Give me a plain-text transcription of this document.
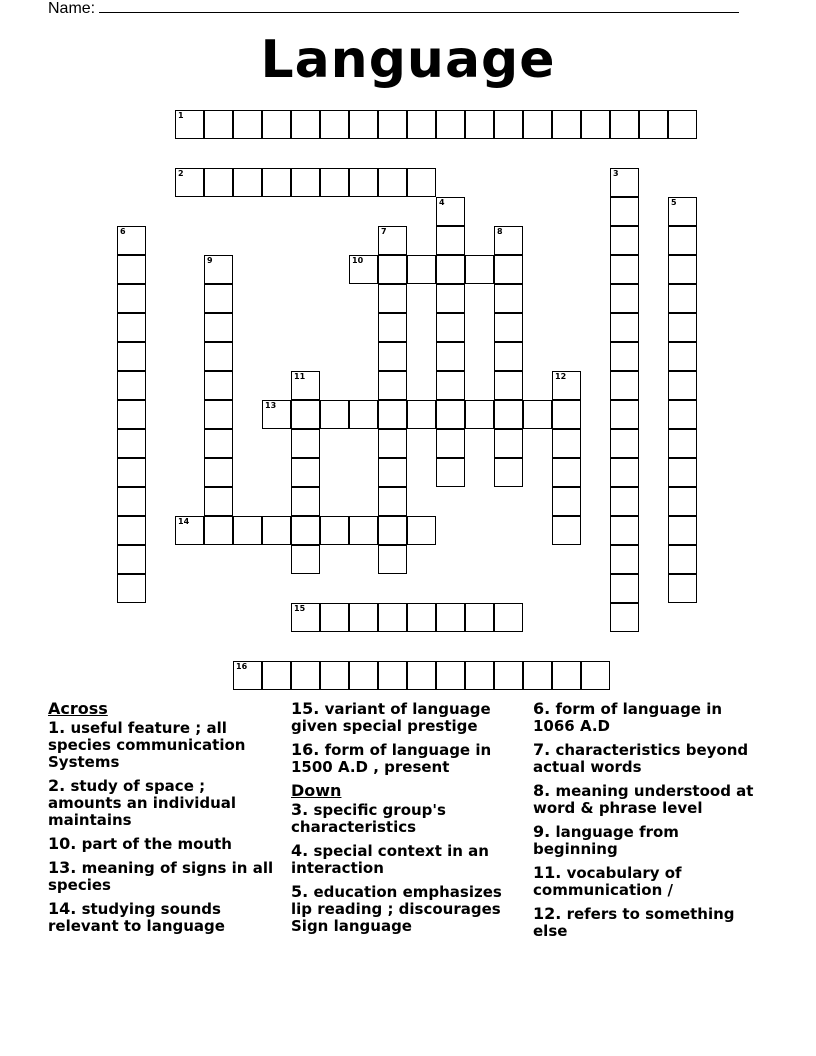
Name:
Language
1
2	3
4	5
6	7	8
9	10
11	12
13
14
15
16
Across
1. useful feature ; all species communication Systems
2. study of space ; amounts an individual maintains
10. part of the mouth
13. meaning of signs in all species
14. studying sounds relevant to language
15. variant of language given special prestige
16. form of language in 1500 A.D , present
Down
3. specific group's characteristics
4. special context in an interaction
5. education emphasizes lip reading ; discourages Sign language
6. form of language in 1066 A.D
7. characteristics beyond actual words
8. meaning understood at word & phrase level
9. language from beginning
11. vocabulary of communication /
12. refers to something else
